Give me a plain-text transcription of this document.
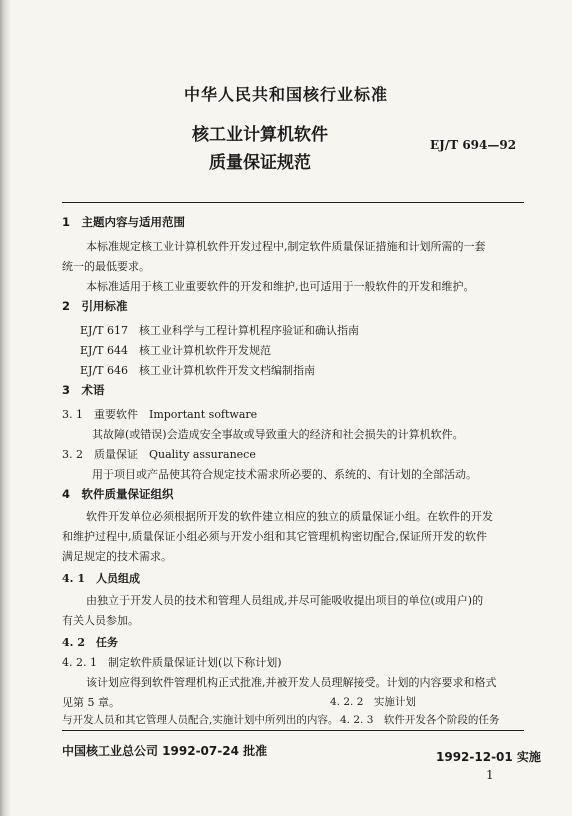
中华人民共和国核行业标准
核工业计算机软件
质量保证规范
EJ/T 694—92
1　主题内容与适用范围
本标准规定核工业计算机软件开发过程中,制定软件质量保证措施和计划所需的一套
统一的最低要求。
本标准适用于核工业重要软件的开发和维护,也可适用于一般软件的开发和维护。
2　引用标准
EJ/T 617　核工业科学与工程计算机程序验证和确认指南
EJ/T 644　核工业计算机软件开发规范
EJ/T 646　核工业计算机软件开发文档编制指南
3　术语
3. 1　重要软件　Important software
其故障(或错误)会造成安全事故或导致重大的经济和社会损失的计算机软件。
3. 2　质量保证　Quality assuranece
用于项目或产品使其符合规定技术需求所必要的、系统的、有计划的全部活动。
4　软件质量保证组织
软件开发单位必须根据所开发的软件建立相应的独立的质量保证小组。在软件的开发
和维护过程中,质量保证小组必须与开发小组和其它管理机构密切配合,保证所开发的软件
满足规定的技术需求。
4. 1　人员组成
由独立于开发人员的技术和管理人员组成,并尽可能吸收提出项目的单位(或用户)的
有关人员参加。
4. 2　任务
4. 2. 1　制定软件质量保证计划(以下称计划)
该计划应得到软件管理机构正式批准,并被开发人员理解接受。计划的内容要求和格式
见第 5 章。
中国核工业总公司 1992-07-24 批准	1992-12-01 实施
1
4. 2. 2　实施计划
与开发人员和其它管理人员配合,实施计划中所列出的内容。 4. 2. 3　软件开发各个阶段的任务
